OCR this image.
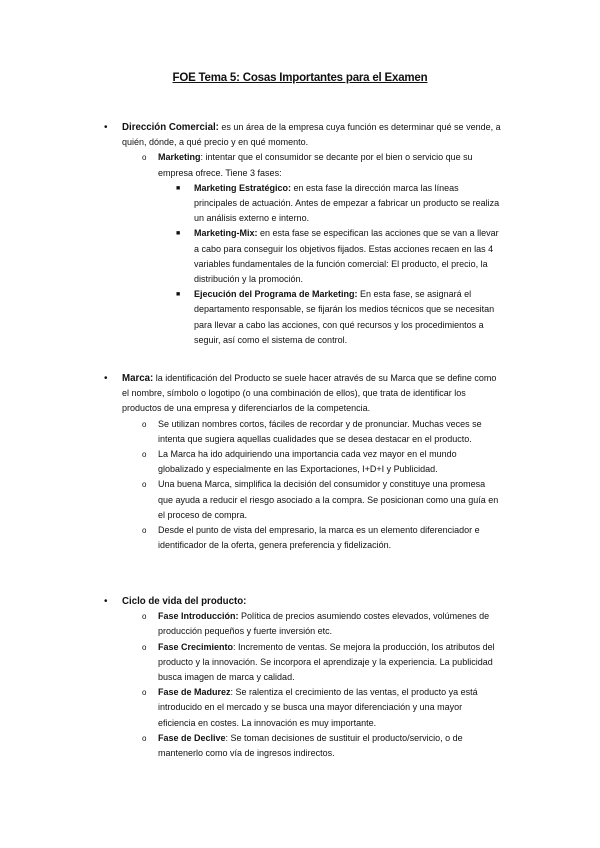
FOE Tema 5: Cosas Importantes para el Examen
• Dirección Comercial: es un área de la empresa cuya función es determinar qué se vende, a quién, dónde, a qué precio y en qué momento.

o Marketing: intentar que el consumidor se decante por el bien o servicio que su empresa ofrece. Tiene 3 fases:
■ Marketing Estratégico: en esta fase la dirección marca las líneas principales de actuación. Antes de empezar a fabricar un producto se realiza un análisis externo e interno.
■ Marketing-Mix: en esta fase se especifican las acciones que se van a llevar a cabo para conseguir los objetivos fijados. Estas acciones recaen en las 4 variables fundamentales de la función comercial: El producto, el precio, la distribución y la promoción.
■ Ejecución del Programa de Marketing: En esta fase, se asignará el departamento responsable, se fijarán los medios técnicos que se necesitan para llevar a cabo las acciones, con qué recursos y los procedimientos a seguir, así como el sistema de control.
• Marca: la identificación del Producto se suele hacer através de su Marca que se define como el nombre, símbolo o logotipo (o una combinación de ellos), que trata de identificar los productos de una empresa y diferenciarlos de la competencia.

o Se utilizan nombres cortos, fáciles de recordar y de pronunciar. Muchas veces se intenta que sugiera aquellas cualidades que se desea destacar en el producto.
o La Marca ha ido adquiriendo una importancia cada vez mayor en el mundo globalizado y especialmente en las Exportaciones, I+D+I y Publicidad.
o Una buena Marca, simplifica la decisión del consumidor y constituye una promesa que ayuda a reducir el riesgo asociado a la compra. Se posicionan como una guía en el proceso de compra.
o Desde el punto de vista del empresario, la marca es un elemento diferenciador e identificador de la oferta, genera preferencia y fidelización.
• Ciclo de vida del producto:

o Fase Introducción: Política de precios asumiendo costes elevados, volúmenes de producción pequeños y fuerte inversión etc.
o Fase Crecimiento: Incremento de ventas. Se mejora la producción, los atributos del producto y la innovación. Se incorpora el aprendizaje y la experiencia. La publicidad busca imagen de marca y calidad.
o Fase de Madurez: Se ralentiza el crecimiento de las ventas, el producto ya está introducido en el mercado y se busca una mayor diferenciación y una mayor eficiencia en costes. La innovación es muy importante.
o Fase de Declive: Se toman decisiones de sustituir el producto/servicio, o de mantenerlo como vía de ingresos indirectos.
